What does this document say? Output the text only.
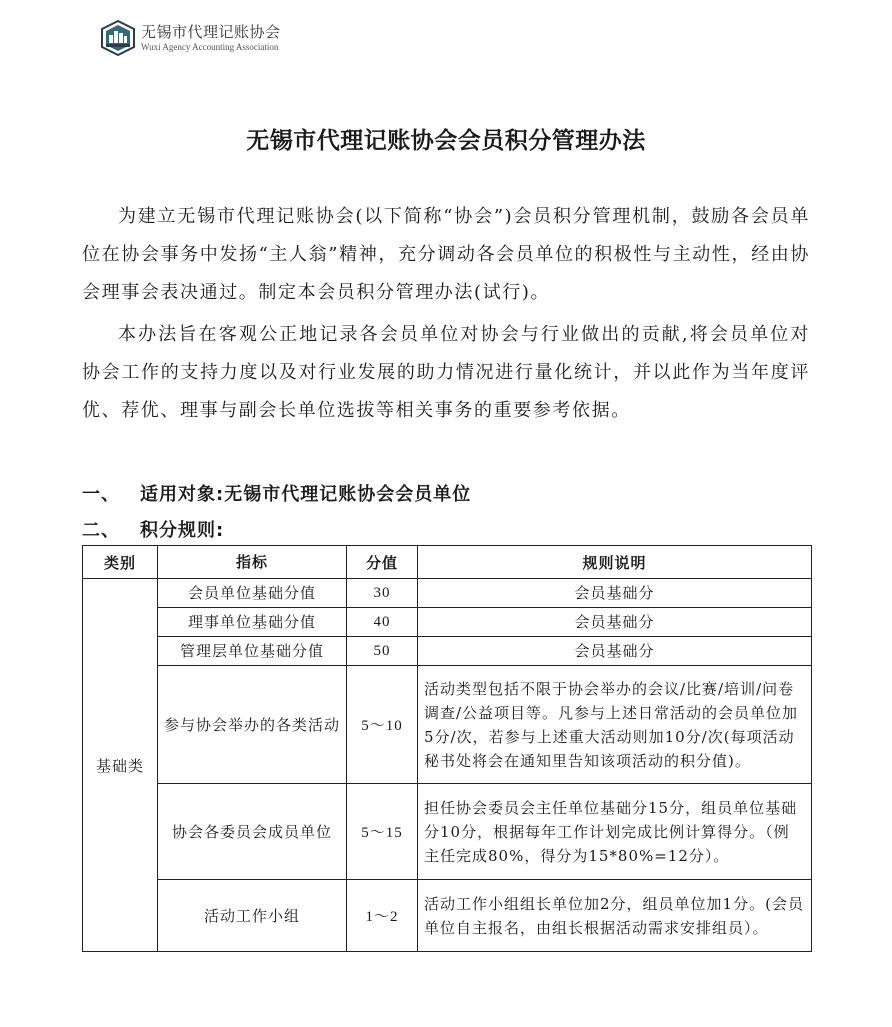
无锡市代理记账协会
Wuxi Agency Accounting Association
无锡市代理记账协会会员积分管理办法
为建立无锡市代理记账协会(以下简称“协会”)会员积分管理机制，鼓励各会员单位在协会事务中发扬“主人翁”精神，充分调动各会员单位的积极性与主动性，经由协会理事会表决通过。制定本会员积分管理办法(试行)。
本办法旨在客观公正地记录各会员单位对协会与行业做出的贡献,将会员单位对协会工作的支持力度以及对行业发展的助力情况进行量化统计，并以此作为当年度评优、荐优、理事与副会长单位选拔等相关事务的重要参考依据。
一、 适用对象:无锡市代理记账协会会员单位
二、 积分规则:
类别	指标	分值	规则说明
基础类	会员单位基础分值	30	会员基础分
	理事单位基础分值	40	会员基础分
	管理层单位基础分值	50	会员基础分
	参与协会举办的各类活动	5～10	活动类型包括不限于协会举办的会议/比赛/培训/问卷调查/公益项目等。凡参与上述日常活动的会员单位加5分/次，若参与上述重大活动则加10分/次(每项活动秘书处将会在通知里告知该项活动的积分值)。
	协会各委员会成员单位	5～15	担任协会委员会主任单位基础分15分，组员单位基础分10分，根据每年工作计划完成比例计算得分。（例主任完成80%，得分为15*80%=12分）。
	活动工作小组	1～2	活动工作小组组长单位加2分，组员单位加1分。(会员单位自主报名，由组长根据活动需求安排组员）。
